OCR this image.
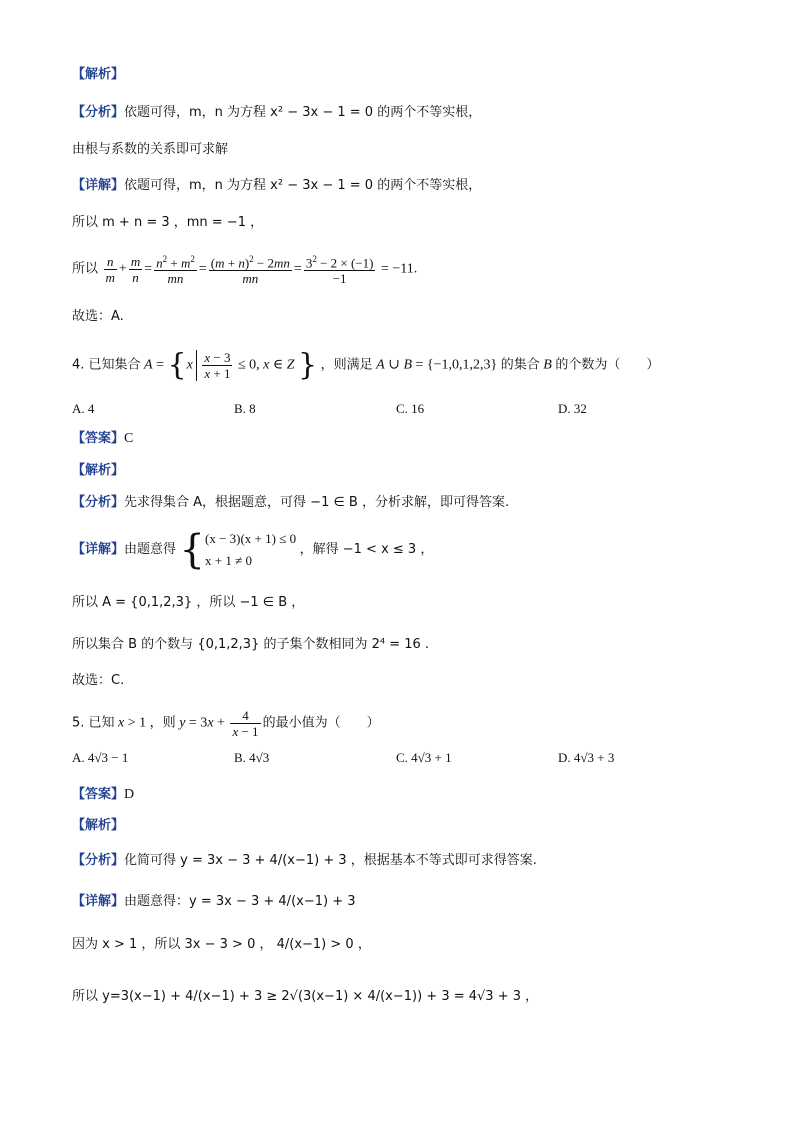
【解析】
【分析】依题可得，m，n 为方程 x² − 3x − 1 = 0 的两个不等实根，
由根与系数的关系即可求解
【详解】依题可得，m，n 为方程 x² − 3x − 1 = 0 的两个不等实根，
所以 m + n = 3 ，mn = −1 ，
所以 $\frac{n}{m} + \frac{m}{n} = \frac{n^2 + m^2}{mn} = \frac{(m + n)^2 - 2mn}{mn} = \frac{3^2 - 2 \times (-1)}{-1} = -11$.
故选：A.
4. 已知集合 $A = \{x \frac{x - 3}{x + 1} \le 0$, x ∈ Z } ，则满足 A ∪ B = {−1,0,1,2,3} 的集合 B 的个数为（　　）
A. 4	B. 8	C. 16	D. 32
【答案】C
【解析】
【分析】先求得集合 A，根据题意，可得 −1 ∈ B ，分析求解，即可得答案.
【详解】由题意得 { (x − 3)(x + 1) ≤ 0
x + 1 ≠ 0
，解得 −1 < x ≤ 3 ，
所以 A = {0,1,2,3} ，所以 −1 ∈ B ，
所以集合 B 的个数与 {0,1,2,3} 的子集个数相同为 2⁴ = 16 .
故选：C.
5. 已知 x > 1 ，则 $y = 3x + \frac{4}{x - 1}$ 的最小值为（　　）
A. 4√3 − 1	B. 4√3	C. 4√3 + 1	D. 4√3 + 3
【答案】D
【解析】
【分析】化简可得 y = 3x − 3 + 4/(x−1) + 3 ，根据基本不等式即可求得答案.
【详解】由题意得：y = 3x − 3 + 4/(x−1) + 3
因为 x > 1 ，所以 3x − 3 > 0 ， 4/(x−1) > 0 ，
所以 y=3(x−1) + 4/(x−1) + 3 ≥ 2√(3(x−1) × 4/(x−1)) + 3 = 4√3 + 3 ，
